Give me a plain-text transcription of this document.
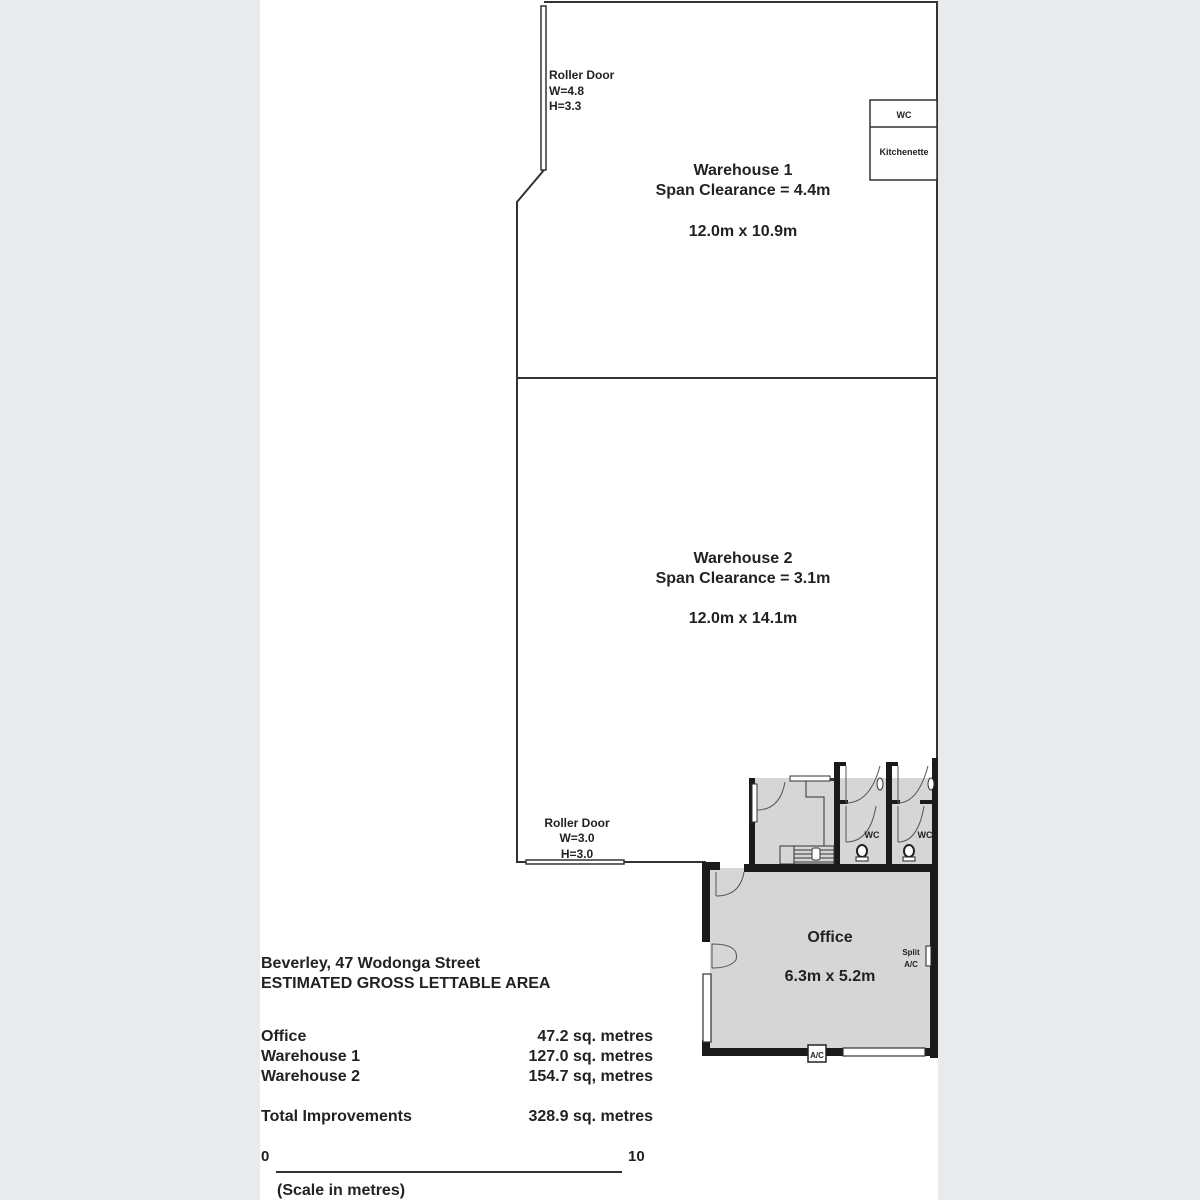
A/C
Roller Door
W=4.8
H=3.3
WC
Kitchenette
Warehouse 1
Span Clearance = 4.4m
12.0m x 10.9m
Warehouse 2
Span Clearance = 3.1m
12.0m x 14.1m
Roller Door
W=3.0
H=3.0
WC	WC
Office
6.3m x 5.2m
Split
A/C
Beverley, 47 Wodonga Street
ESTIMATED GROSS LETTABLE AREA
Office	47.2 sq. metres
Warehouse 1	127.0 sq. metres
Warehouse 2	154.7 sq, metres
Total Improvements	328.9 sq. metres
0	10
(Scale in metres)
